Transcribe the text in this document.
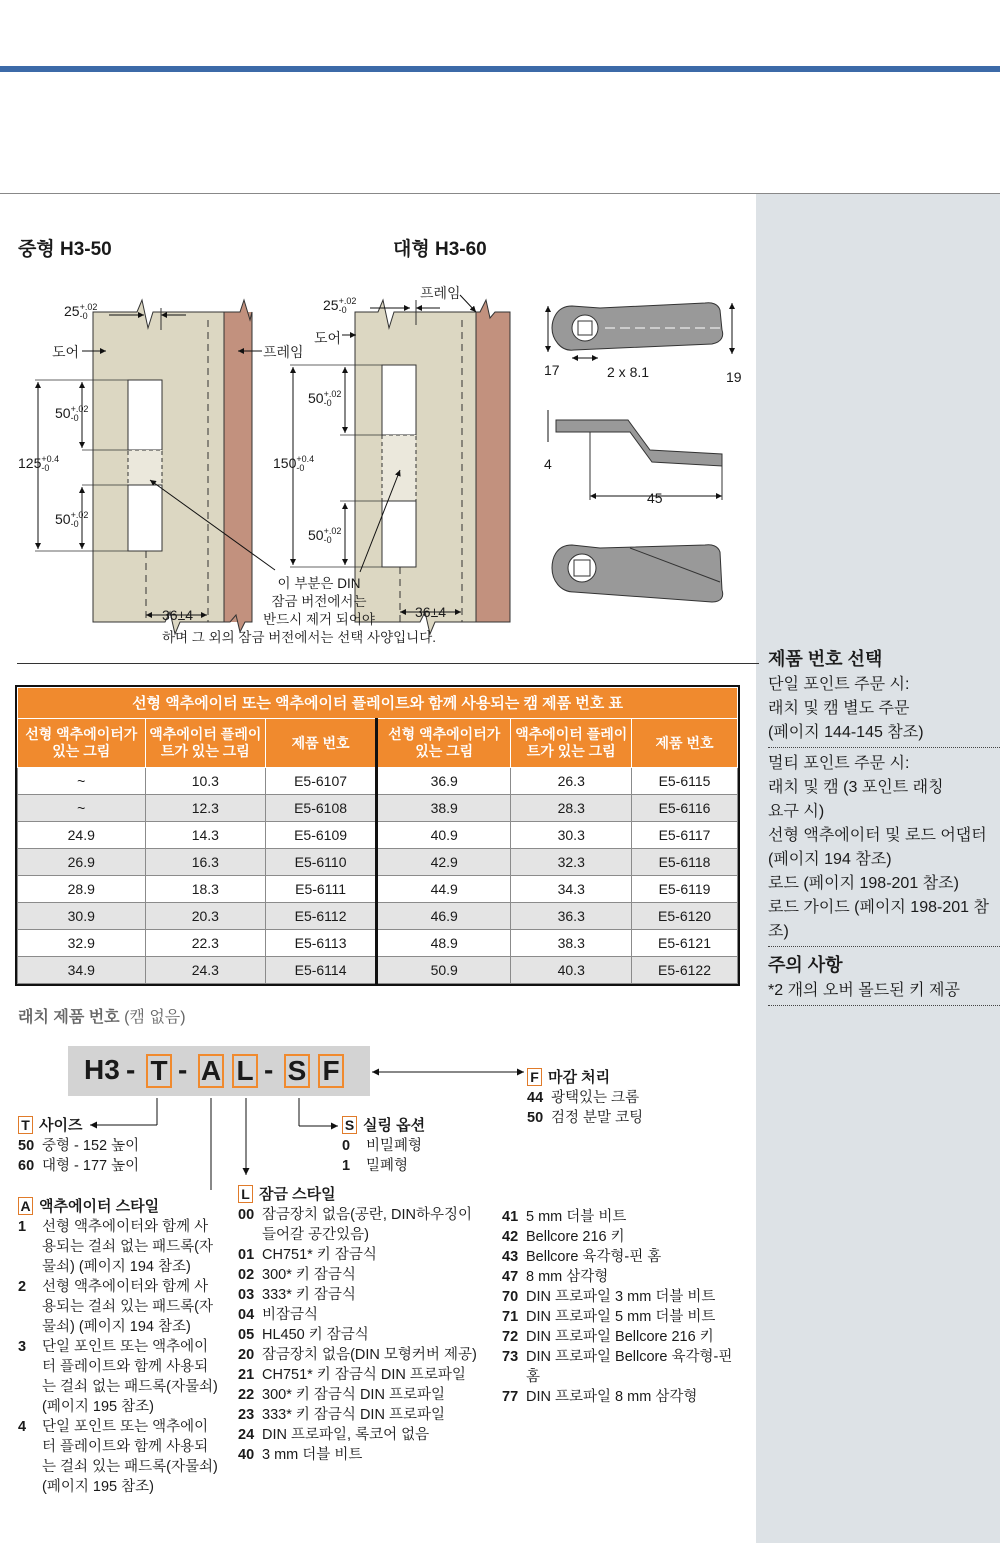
중형 H3-50	대형 H3-60
25+.02
-0
도어	프레임
50+.02
-0
125+0.4
-0
50+.02
-0
36±4
25+.02
-0
프레임
도어
50+.02
-0
150+0.4
-0
50+.02
-0
36±4
이 부분은 DIN
잠금 버전에서는
반드시 제거 되어야
하며 그 외의 잠금 버전에서는 선택 사양입니다.
17	2 x 8.1	19
4
45
선형 액추에이터 또는 액추에이터 플레이트와 함께 사용되는 캠 제품 번호 표					
선형 액추에이터가 있는 그림	액추에이터 플레이트가 있는 그림	제품 번호	선형 액추에이터가 있는 그림	액추에이터 플레이트가 있는 그림	제품 번호
~	10.3	E5-6107	36.9	26.3	E5-6115
~	12.3	E5-6108	38.9	28.3	E5-6116
24.9	14.3	E5-6109	40.9	30.3	E5-6117
26.9	16.3	E5-6110	42.9	32.3	E5-6118
28.9	18.3	E5-6111	44.9	34.3	E5-6119
30.9	20.3	E5-6112	46.9	36.3	E5-6120
32.9	22.3	E5-6113	48.9	38.3	E5-6121
34.9	24.3	E5-6114	50.9	40.3	E5-6122
래치 제품 번호 (캠 없음)
H3 - T - A L - S F	F 마감 처리
44 광택있는 크롬
50 검정 분말 코팅
T 사이즈
50 중형 - 152 높이
60 대형 - 177 높이
S 실링 옵션
0	비밀폐형
1	밀폐형
A 액추에이터 스타일
1	선형 액추에이터와 함께 사용되는 걸쇠 없는 패드록(자물쇠) (페이지 194 참조)
2	선형 액추에이터와 함께 사용되는 걸쇠 있는 패드록(자물쇠) (페이지 194 참조)
3	단일 포인트 또는 액추에이터 플레이트와 함께 사용되는 걸쇠 없는 패드록(자물쇠) (페이지 195 참조)
4	단일 포인트 또는 액추에이터 플레이트와 함께 사용되는 걸쇠 있는 패드록(자물쇠) (페이지 195 참조)
L 잠금 스타일
00 잠금장치 없음(공란, DIN하우징이 들어갈 공간있음)
01 CH751* 키 잠금식
02 300* 키 잠금식
03 333* 키 잠금식
04 비잠금식
05 HL450 키 잠금식
20 잠금장치 없음(DIN 모형커버 제공)
21 CH751* 키 잠금식 DIN 프로파일
22 300* 키 잠금식 DIN 프로파일
23 333* 키 잠금식 DIN 프로파일
24 DIN 프로파일, 록코어 없음
40 3 mm 더블 비트
41 5 mm 더블 비트
42 Bellcore 216 키
43 Bellcore 육각형-핀 홈
47 8 mm 삼각형
70 DIN 프로파일 3 mm 더블 비트
71 DIN 프로파일 5 mm 더블 비트
72 DIN 프로파일 Bellcore 216 키
73 DIN 프로파일 Bellcore 육각형-핀 홈
77 DIN 프로파일 8 mm 삼각형
제품 번호 선택
단일 포인트 주문 시:
래치 및 캠 별도 주문
(페이지 144-145 참조)
멀티 포인트 주문 시:
래치 및 캠 (3 포인트 래칭
요구 시)
선형 액추에이터 및 로드 어댑터
(페이지 194 참조)
로드 (페이지 198-201 참조)
로드 가이드 (페이지 198-201 참
조)
주의 사항
*2 개의 오버 몰드된 키 제공
